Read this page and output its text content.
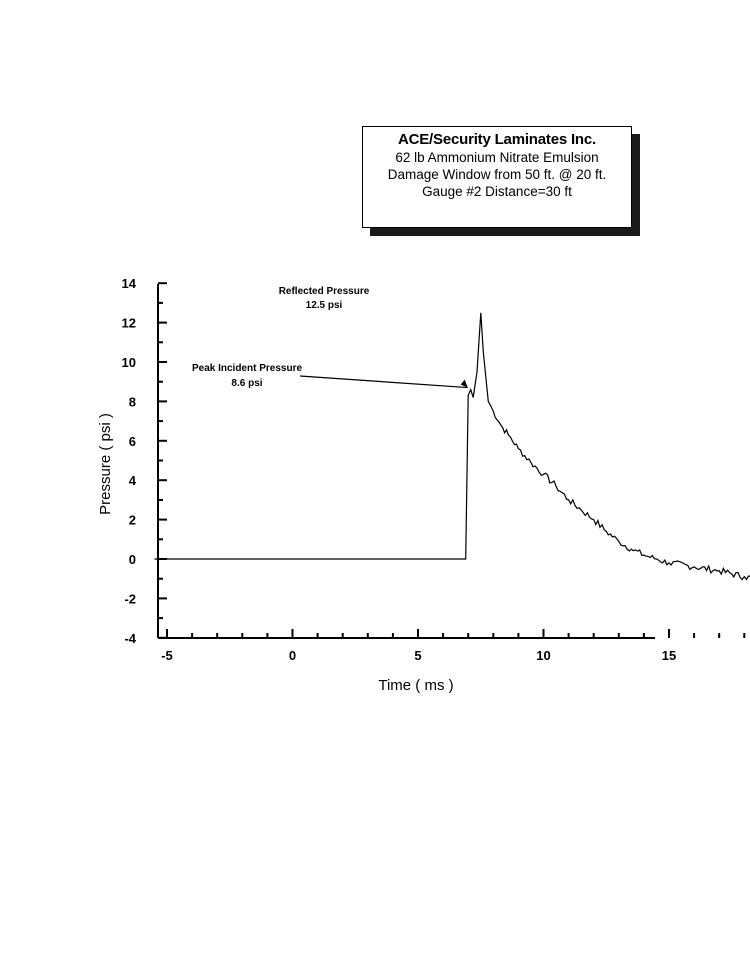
ACE/Security Laminates Inc.
62 lb Ammonium Nitrate Emulsion
Damage Window from 50 ft. @ 20 ft.
Gauge #2 Distance=30 ft
-4
-2
0
2
4
6
8
10
12
14
-5	0	5	10	15
Time ( ms )
Pressure ( psi )
Reflected Pressure
12.5 psi
Peak Incident Pressure
8.6 psi
